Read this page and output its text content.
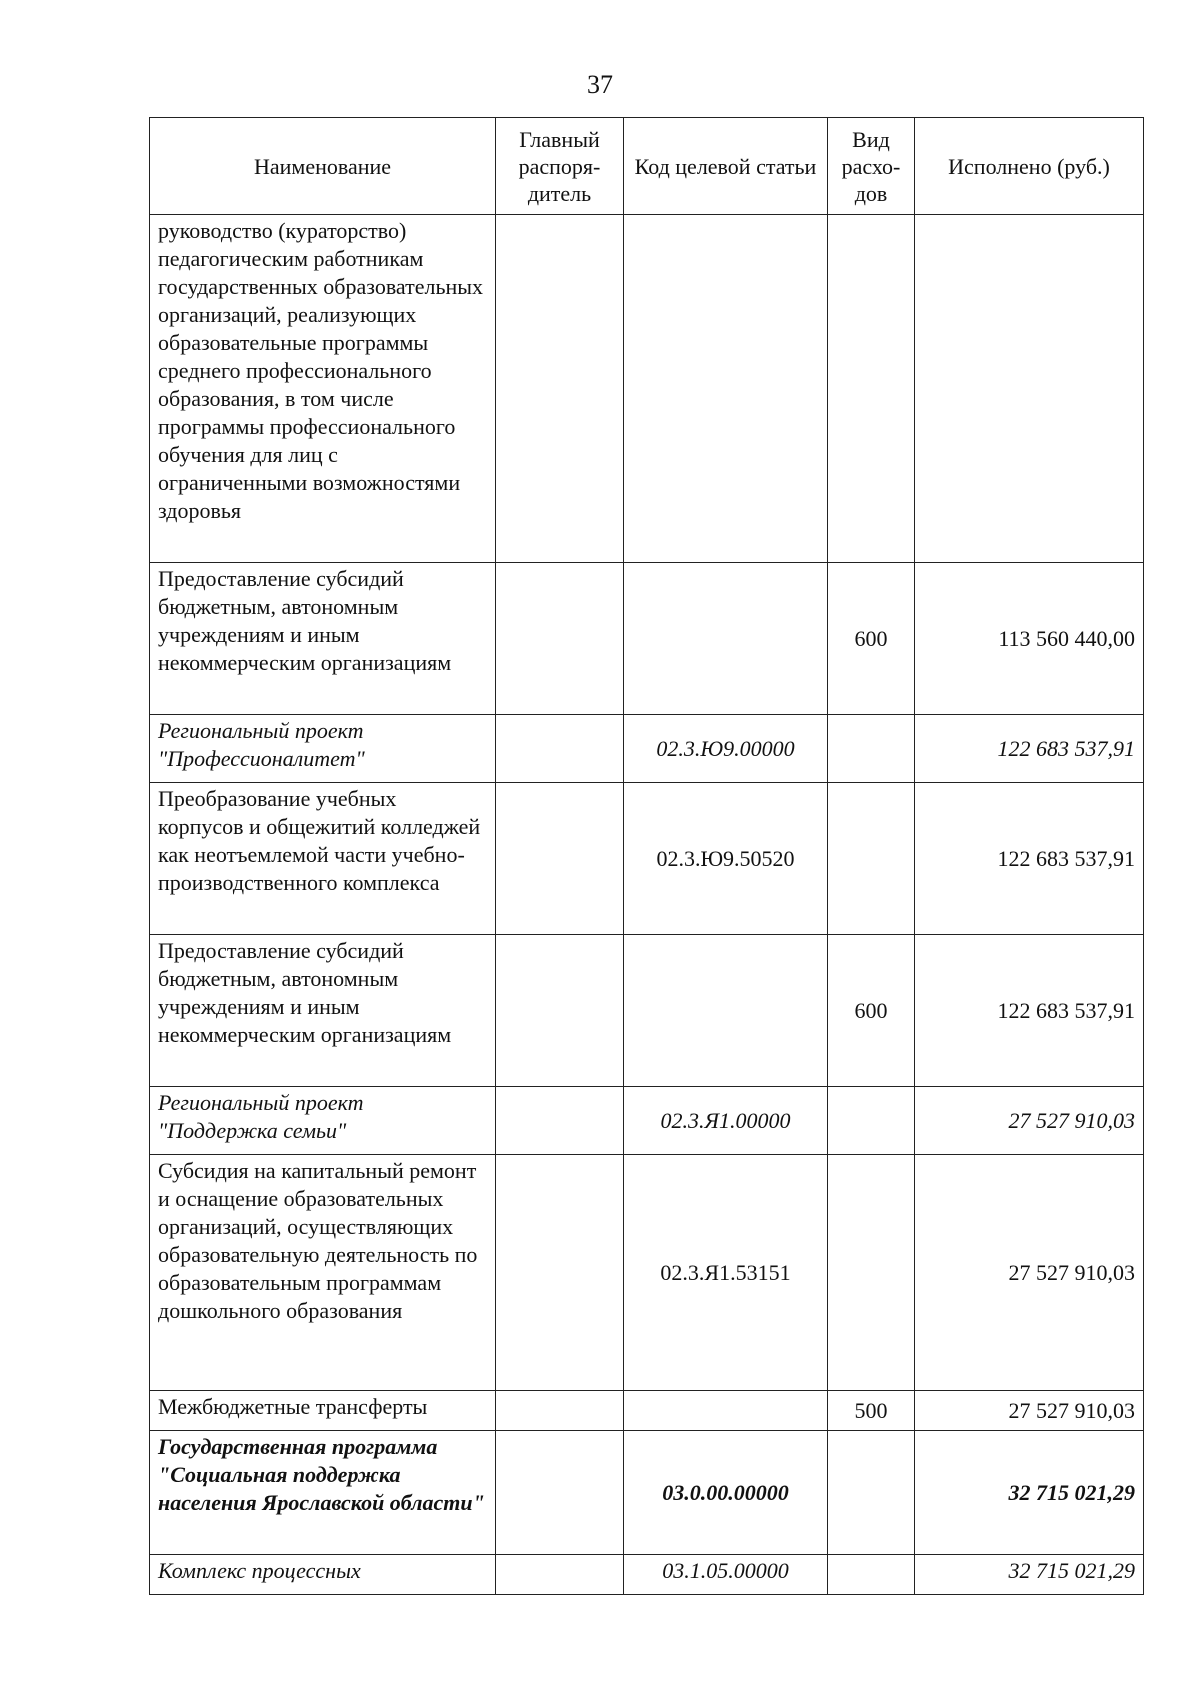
37
Наименование	Главный распоря-дитель	Код целевой статьи	Вид расхо-дов	Исполнено (руб.)
руководство (кураторство) педагогическим работникам государственных образовательных организаций, реализующих образовательные программы среднего профессионального образования, в том числе программы профессионального обучения для лиц с ограниченными возможностями здоровья				
Предоставление субсидий бюджетным, автономным учреждениям и иным некоммерческим организациям			600	113 560 440,00
Региональный проект "Профессионалитет"		02.3.Ю9.00000		122 683 537,91
Преобразование учебных корпусов и общежитий колледжей как неотъемлемой части учебно-производственного комплекса		02.3.Ю9.50520		122 683 537,91
Предоставление субсидий бюджетным, автономным учреждениям и иным некоммерческим организациям			600	122 683 537,91
Региональный проект "Поддержка семьи"		02.3.Я1.00000		27 527 910,03
Субсидия на капитальный ремонт и оснащение образовательных организаций, осуществляющих образовательную деятельность по образовательным программам дошкольного образования		02.3.Я1.53151		27 527 910,03
Межбюджетные трансферты			500	27 527 910,03
Государственная программа "Социальная поддержка населения Ярославской области"		03.0.00.00000		32 715 021,29
Комплекс процессных		03.1.05.00000		32 715 021,29
